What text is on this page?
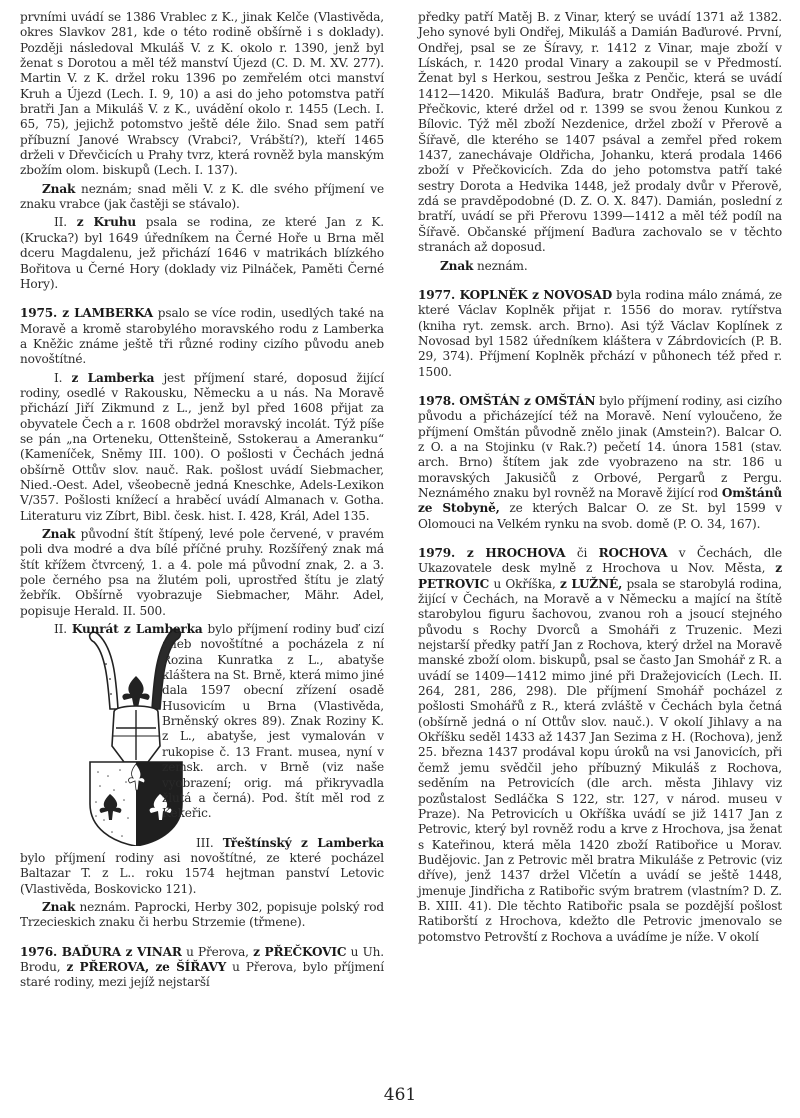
prvními uvádí se 1386 Vrablec z K., jinak Kelče (Vlastivěda, okres Slavkov 281, kde o této rodině obšírně i s doklady). Později následoval Mkuláš V. z K. okolo r. 1390, jenž byl ženat s Dorotou a měl též manství Újezd (C. D. M. XV. 277). Martin V. z K. držel roku 1396 po zemřelém otci manství Kruh a Újezd (Lech. I. 9, 10) a asi do jeho potomstva patří bratři Jan a Mikuláš V. z K., uvádění okolo r. 1455 (Lech. I. 65, 75), jejichž potomstvo ještě déle žilo. Snad sem patří příbuzní Janové Wrabscy (Vrabci?, Vrábští?), kteří 1465 drželi v Dřevčicích u Prahy tvrz, která rovněž byla manským zbožím olom. biskupů (Lech. I. 137).

Znak neznám; snad měli V. z K. dle svého příjmení ve znaku vrabce (jak častěji se stávalo).

II. z Kruhu psala se rodina, ze které Jan z K. (Krucka?) byl 1649 úředníkem na Černé Hoře u Brna měl dceru Magdalenu, jež přichází 1646 v matrikách blízkého Bořitova u Černé Hory (doklady viz Pilnáček, Paměti Černé Hory).

1975. z LAMBERKA psalo se více rodin, usedlých také na Moravě a kromě starobylého moravského rodu z Lamberka a Kněžic známe ještě tři různé rodiny cizího původu aneb novoštítné.

I. z Lamberka jest příjmení staré, doposud žijící rodiny, osedlé v Rakousku, Německu a u nás. Na Moravě přichází Jiří Zikmund z L., jenž byl před 1608 přijat za obyvatele Čech a r. 1608 obdržel moravský incolát. Týž píše se pán „na Orteneku, Ottenšteině, Sstokerau a Ameranku“ (Kameníček, Sněmy III. 100). O pošlosti v Čechách jedná obšírně Ottův slov. nauč. Rak. pošlost uvádí Siebmacher, Nied.-Oest. Adel, všeobecně jedná Kneschke, Adels-Lexikon V/357. Pošlosti knížecí a hraběcí uvádí Almanach v. Gotha. Literaturu viz Zíbrt, Bibl. česk. hist. I. 428, Král, Adel 135.

Znak původní štít štípený, levé pole červené, v pravém poli dva modré a dva bílé příčné pruhy. Rozšířený znak má štít křížem čtvrcený, 1. a 4. pole má původní znak, 2. a 3. pole černého psa na žlutém poli, uprostřed štítu je zlatý žebřík. Obšírně vyobrazuje Siebmacher, Mähr. Adel, popisuje Herald. II. 500.

II. Kunrát z Lamberka
bylo příjmení rodiny buď cizí aneb novoštítné a pocházela z ní Rozina Kunratka z L., abatyše kláštera na St. Brně, která mimo jiné dala 1597 obecní zřízení osadě Husovicím u Brna (Vlastivěda, Brněnský okres 89). Znak Roziny K. z L., abatyše, jest vymalován v rukopise č. 13 Frant. musea, nyní v zemsk. arch. v Brně (viz naše vyobrazení; orig. má přikryvadla žlutá a černá). Pod. štít měl rod z Kekeřic.

III. Třeštínský z Lamberka bylo příjmení rodiny asi novoštítné, ze které pocházel Baltazar T. z L.. roku 1574 hejtman panství Letovic (Vlastivěda, Boskovicko 121).

Znak neznám. Paprocki, Herby 302, popisuje polský rod Trzecieskich znaku či herbu Strzemie (třmene).

1976. BAĎURA z VINAR u Přerova, z PŘEČKOVIC u Uh. Brodu, z PŘEROVA, ze ŠÍŘAVY u Přerova, bylo příjmení staré rodiny, mezi jejíž nejstarší

předky patří Matěj B. z Vinar, který se uvádí 1371 až 1382. Jeho synové byli Ondřej, Mikuláš a Damián Baďurové. První, Ondřej, psal se ze Šíravy, r. 1412 z Vinar, maje zboží v Lískách, r. 1420 prodal Vinary a zakoupil se v Předmostí. Ženat byl s Herkou, sestrou Ješka z Penčic, která se uvádí 1412—1420. Mikuláš Baďura, bratr Ondřeje, psal se dle Přečkovic, které držel od r. 1399 se svou ženou Kunkou z Bílovic. Týž měl zboží Nezdenice, držel zboží v Přerově a Šířavě, dle kterého se 1407 psával a zemřel před rokem 1437, zanechávaje Oldřicha, Johanku, která prodala 1466 zboží v Přečkovicích. Zda do jeho potomstva patří také sestry Dorota a Hedvika 1448, jež prodaly dvůr v Přerově, zdá se pravděpodobné (D. Z. O. X. 847). Damián, poslední z bratří, uvádí se při Přerovu 1399—1412 a měl též podíl na Šířavě. Občanské příjmení Baďura zachovalo se v těchto stranách až doposud.

Znak neznám.

1977. KOPLNĚK z NOVOSAD byla rodina málo známá, ze které Václav Koplněk přijat r. 1556 do morav. rytířstva (kniha ryt. zemsk. arch. Brno). Asi týž Václav Koplínek z Novosad byl 1582 úředníkem kláštera v Zábrdovicích (P. B. 29, 374). Příjmení Koplněk přchází v půhonech též před r. 1500.

1978. OMŠTÁN z OMŠTÁN bylo příjmení rodiny, asi cizího původu a přicházející též na Moravě. Není vyloučeno, že příjmení Omštán původně znělo jinak (Amstein?). Balcar O. z O. a na Stojinku (v Rak.?) pečetí 14. února 1581 (stav. arch. Brno) štítem jak zde vyobrazeno na str. 186 u moravských Jakusičů z Orbové, Pergarů z Pergu. Neznámého znaku byl rovněž na Moravě žijící rod Omštánů ze Stobyně, ze kterých Balcar O. ze St. byl 1599 v Olomouci na Velkém rynku na svob. domě (P. O. 34, 167).

1979. z HROCHOVA či ROCHOVA v Čechách, dle Ukazovatele desk mylně z Hrochova u Nov. Města, z PETROVIC u Okříška, z LUŽNÉ, psala se starobylá rodina, žijící v Čechách, na Moravě a v Německu a mající na štítě starobylou figuru šachovou, zvanou roh a jsoucí stejného původu s Rochy Dvorců a Smoháři z Truzenic. Mezi nejstarší předky patří Jan z Rochova, který držel na Moravě manské zboží olom. biskupů, psal se často Jan Smohář z R. a uvádí se 1409—1412 mimo jiné při Dražejovicích (Lech. II. 264, 281, 286, 298). Dle příjmení Smohář pocházel z pošlosti Smohářů z R., která zvláště v Čechách byla četná (obšírně jedná o ní Ottův slov. nauč.). V okolí Jihlavy a na Okříšku seděl 1433 až 1437 Jan Sezima z H. (Rochova), jenž 25. března 1437 prodával kopu úroků na vsi Janovicích, při čemž jemu svědčil jeho příbuzný Mikuláš z Rochova, seděním na Petrovicích (dle arch. města Jihlavy viz pozůstalost Sedláčka S 122, str. 127, v národ. museu v Praze). Na Petrovicích u Okříška uvádí se již 1417 Jan z Petrovic, který byl rovněž rodu a krve z Hrochova, jsa ženat s Kateřinou, která měla 1420 zboží Ratibořice u Morav. Budějovic. Jan z Petrovic měl bratra Mikuláše z Petrovic (viz dříve), jenž 1437 držel Vlčetín a uvádí se ještě 1448, jmenuje Jindřicha z Ratibořic svým bratrem (vlastním? D. Z. B. XIII. 41). Dle těchto Ratibořic psala se pozdější pošlost Ratiborští z Hrochova, kdežto dle Petrovic jmenovalo se potomstvo Petrovští z Rochova a uvádíme je níže. V okolí

461
